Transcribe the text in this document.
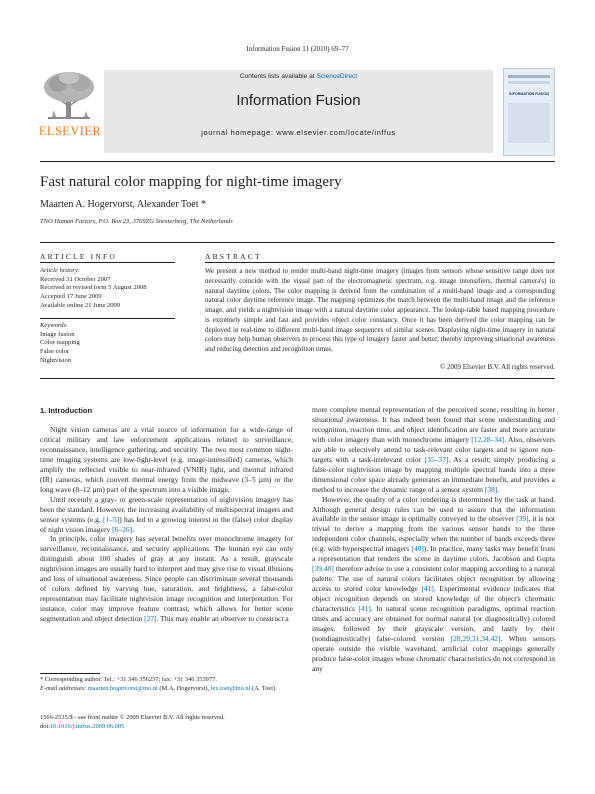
Information Fusion 11 (2010) 69–77
ELSEVIER
Contents lists available at ScienceDirect
Information Fusion
journal homepage: www.elsevier.com/locate/inffus
INFORMATION FUSION
Fast natural color mapping for night-time imagery
Maarten A. Hogervorst, Alexander Toet *
TNO Human Factors, P.O. Box 23, 3769ZG Soesterberg, The Netherlands
ARTICLE INFO
Article history:
Received 31 October 2007
Received in revised form 5 August 2008
Accepted 17 June 2009
Available online 21 June 2009
Keywords:
Image fusion
Color mapping
False color
Nightvision
ABSTRACT
We present a new method to render multi-band night-time imagery (images from sensors whose sensitive range does not necessarily coincide with the visual part of the electromagnetic spectrum, e.g. image intensifiers, thermal camera's) in natural daytime colors. The color mapping is derived from the combination of a multi-band image and a corresponding natural color daytime reference image. The mapping optimizes the match between the multi-band image and the reference image, and yields a nightvision image with a natural daytime color appearance. The lookup-table based mapping procedure is extremely simple and fast and provides object color constancy. Once it has been derived the color mapping can be deployed in real-time to different multi-band image sequences of similar scenes. Displaying night-time imagery in natural colors may help human observers to process this type of imagery faster and better, thereby improving situational awareness and reducing detection and recognition times.
© 2009 Elsevier B.V. All rights reserved.
1. Introduction

Night vision cameras are a vital source of information for a wide-range of critical military and law enforcement applications related to surveillance, reconnaissance, intelligence gathering, and security. The two most common night-time imaging systems are low-light-level (e.g. image-intensified) cameras, which amplify the reflected visible to near-infrared (VNIR) light, and thermal infrared (IR) cameras, which convert thermal energy from the midwave (3–5 µm) or the long wave (8–12 µm) part of the spectrum into a visible image.

Until recently a gray- or green-scale representation of nightvision imagery has been the standard. However, the increasing availability of multispectral imagers and sensor systems (e.g. [1–5]) has led to a growing interest in the (false) color display of night vision imagery [6–26].

In principle, color imagery has several benefits over monochrome imagery for surveillance, reconnaissance, and security applications. The human eye can only distinguish about 100 shades of gray at any instant. As a result, grayscale nightvision images are usually hard to interpret and may give rise to visual illusions and loss of situational awareness. Since people can discriminate several thousands of colors defined by varying hue, saturation, and brightness, a false-color representation may facilitate nightvision image recognition and interpretation. For instance, color may improve feature contrast, which allows for better scene segmentation and object detection [27]. This may enable an observer to construct a

more complete mental representation of the perceived scene, resulting in better situational awareness. It has indeed been found that scene understanding and recognition, reaction time, and object identification are faster and more accurate with color imagery than with monochrome imagery [12,28–34]. Also, observers are able to selectively attend to task-relevant color targets and to ignore non-targets with a task-irrelevant color [35–37]. As a result, simply producing a false-color nightvision image by mapping multiple spectral bands into a three dimensional color space already generates an immediate benefit, and provides a method to increase the dynamic range of a sensor system [38].

However, the quality of a color rendering is determined by the task at hand. Although general design rules can be used to assure that the information available in the sensor image is optimally conveyed to the observer [39], it is not trivial to derive a mapping from the various sensor bands to the three independent color channels, especially when the number of bands exceeds three (e.g. with hyperspectral imagers [40]). In practice, many tasks may benefit from a representation that renders the scene in daytime colors. Jacobson and Gupta [39,40] therefore advise to use a consistent color mapping according to a natural palette. The use of natural colors facilitates object recognition by allowing access to stored color knowledge [41]. Experimental evidence indicates that object recognition depends on stored knowledge of the object's chromatic characteristics [41]. In natural scene recognition paradigms, optimal reaction times and accuracy are obtained for normal natural (or diagnostically) colored images, followed by their grayscale version, and lastly by their (nondiagnostically) false-colored version [28,29,31,34,42]. When sensors operate outside the visible waveband, artificial color mappings generally produce false-color images whose chromatic characteristics do not correspond in any

* Corresponding author. Tel.: +31 346 356237; fax: +31 346 353977.
E-mail addresses: maarten.hogervorst@tno.nl (M.A. Hogervorst), lex.toet@tno.nl (A. Toet).
1566-2535/$ - see front matter © 2009 Elsevier B.V. All rights reserved.
doi:10.1016/j.inffus.2009.06.005
